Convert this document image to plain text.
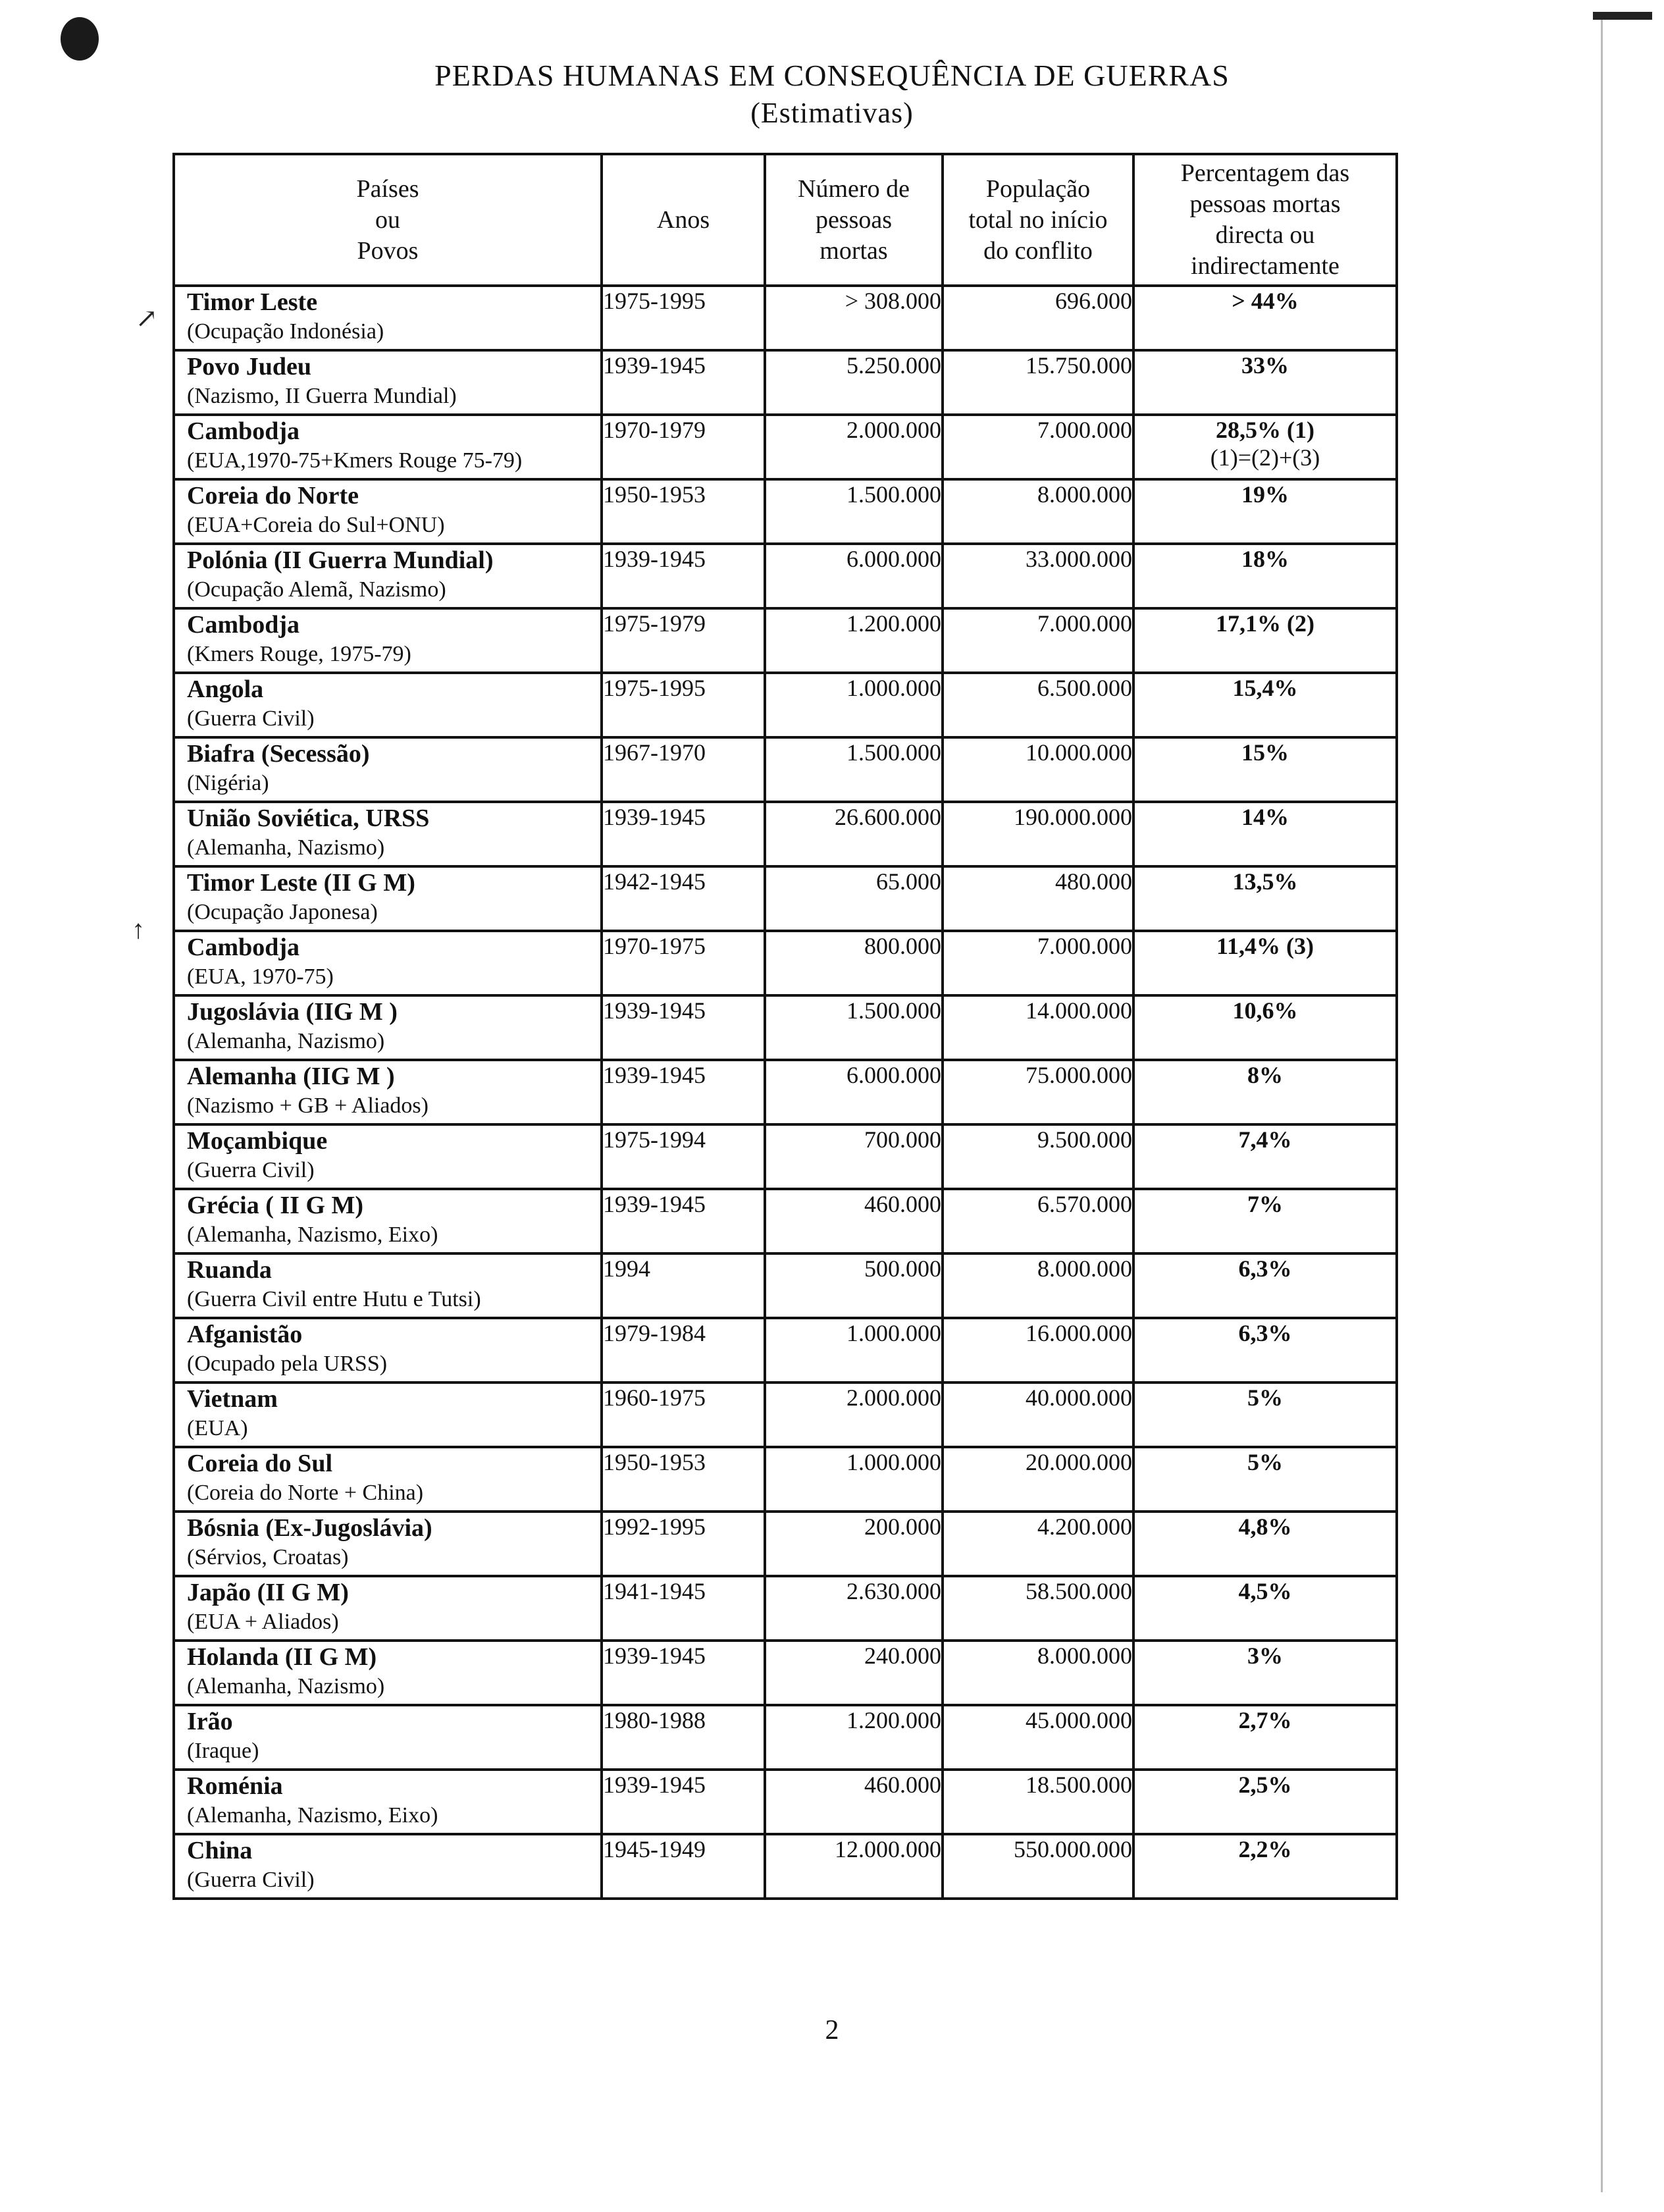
PERDAS HUMANAS EM CONSEQUÊNCIA DE GUERRAS
(Estimativas)
↗
↑
Países
ou
Povos	Anos	Número de
pessoas
mortas	População
total no início
do conflito	Percentagem das
pessoas mortas
directa ou
indirectamente

Timor Leste
(Ocupação Indonésia)	1975-1995	> 308.000	696.000	> 44%

Povo Judeu
(Nazismo, II Guerra Mundial)	1939-1945	5.250.000	15.750.000	33%

Cambodja
(EUA,1970-75+Kmers Rouge 75-79)	1970-1979	2.000.000	7.000.000	28,5% (1)
(1)=(2)+(3)

Coreia do Norte
(EUA+Coreia do Sul+ONU)	1950-1953	1.500.000	8.000.000	19%

Polónia (II Guerra Mundial)
(Ocupação Alemã, Nazismo)	1939-1945	6.000.000	33.000.000	18%

Cambodja
(Kmers Rouge, 1975-79)	1975-1979	1.200.000	7.000.000	17,1% (2)

Angola
(Guerra Civil)	1975-1995	1.000.000	6.500.000	15,4%

Biafra (Secessão)
(Nigéria)	1967-1970	1.500.000	10.000.000	15%

União Soviética, URSS
(Alemanha, Nazismo)	1939-1945	26.600.000	190.000.000	14%

Timor Leste (II G M)
(Ocupação Japonesa)	1942-1945	65.000	480.000	13,5%

Cambodja
(EUA, 1970-75)	1970-1975	800.000	7.000.000	11,4% (3)

Jugoslávia (IIG M )
(Alemanha, Nazismo)	1939-1945	1.500.000	14.000.000	10,6%

Alemanha (IIG M )
(Nazismo + GB + Aliados)	1939-1945	6.000.000	75.000.000	8%

Moçambique
(Guerra Civil)	1975-1994	700.000	9.500.000	7,4%

Grécia ( II G M)
(Alemanha, Nazismo, Eixo)	1939-1945	460.000	6.570.000	7%

Ruanda
(Guerra Civil entre Hutu e Tutsi)	1994	500.000	8.000.000	6,3%

Afganistão
(Ocupado pela URSS)	1979-1984	1.000.000	16.000.000	6,3%

Vietnam
(EUA)	1960-1975	2.000.000	40.000.000	5%

Coreia do Sul
(Coreia do Norte + China)	1950-1953	1.000.000	20.000.000	5%

Bósnia (Ex-Jugoslávia)
(Sérvios, Croatas)	1992-1995	200.000	4.200.000	4,8%

Japão (II G M)
(EUA + Aliados)	1941-1945	2.630.000	58.500.000	4,5%

Holanda (II G M)
(Alemanha, Nazismo)	1939-1945	240.000	8.000.000	3%

Irão
(Iraque)	1980-1988	1.200.000	45.000.000	2,7%

Roménia
(Alemanha, Nazismo, Eixo)	1939-1945	460.000	18.500.000	2,5%

China
(Guerra Civil)	1945-1949	12.000.000	550.000.000	2,2%
2
